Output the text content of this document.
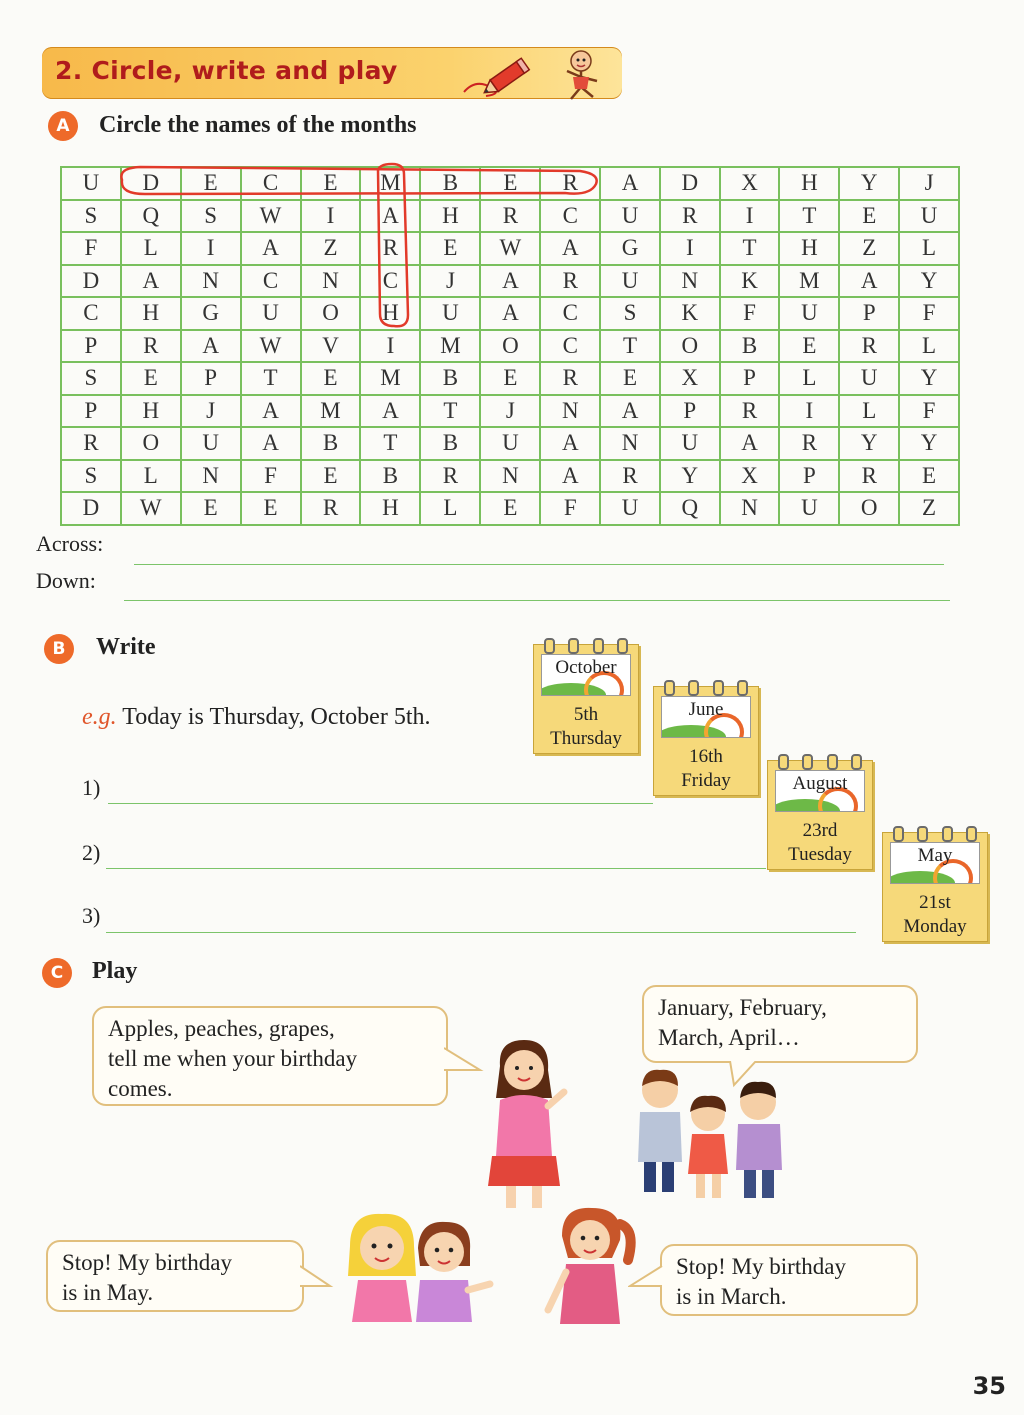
2. Circle, write and play
A	Circle the names of the months
U	D	E	C	E	M	B	E	R	A	D	X	H	Y	J
S	Q	S	W	I	A	H	R	C	U	R	I	T	E	U
F	L	I	A	Z	R	E	W	A	G	I	T	H	Z	L
D	A	N	C	N	C	J	A	R	U	N	K	M	A	Y
C	H	G	U	O	H	U	A	C	S	K	F	U	P	F
P	R	A	W	V	I	M	O	C	T	O	B	E	R	L
S	E	P	T	E	M	B	E	R	E	X	P	L	U	Y
P	H	J	A	M	A	T	J	N	A	P	R	I	L	F
R	O	U	A	B	T	B	U	A	N	U	A	R	Y	Y
S	L	N	F	E	B	R	N	A	R	Y	X	P	R	E
D	W	E	E	R	H	L	E	F	U	Q	N	U	O	Z
Across:
Down:
B	Write
e.g. Today is Thursday, October 5th.
1)
2)
3)
October
5th
Thursday
June
16th
Friday	August
23rd
Tuesday	May
21st
Monday
C	Play
Apples, peaches, grapes,
tell me when your birthday
comes.
January, February,
March, April…
Stop! My birthday
is in May.
Stop! My birthday
is in March.
35
